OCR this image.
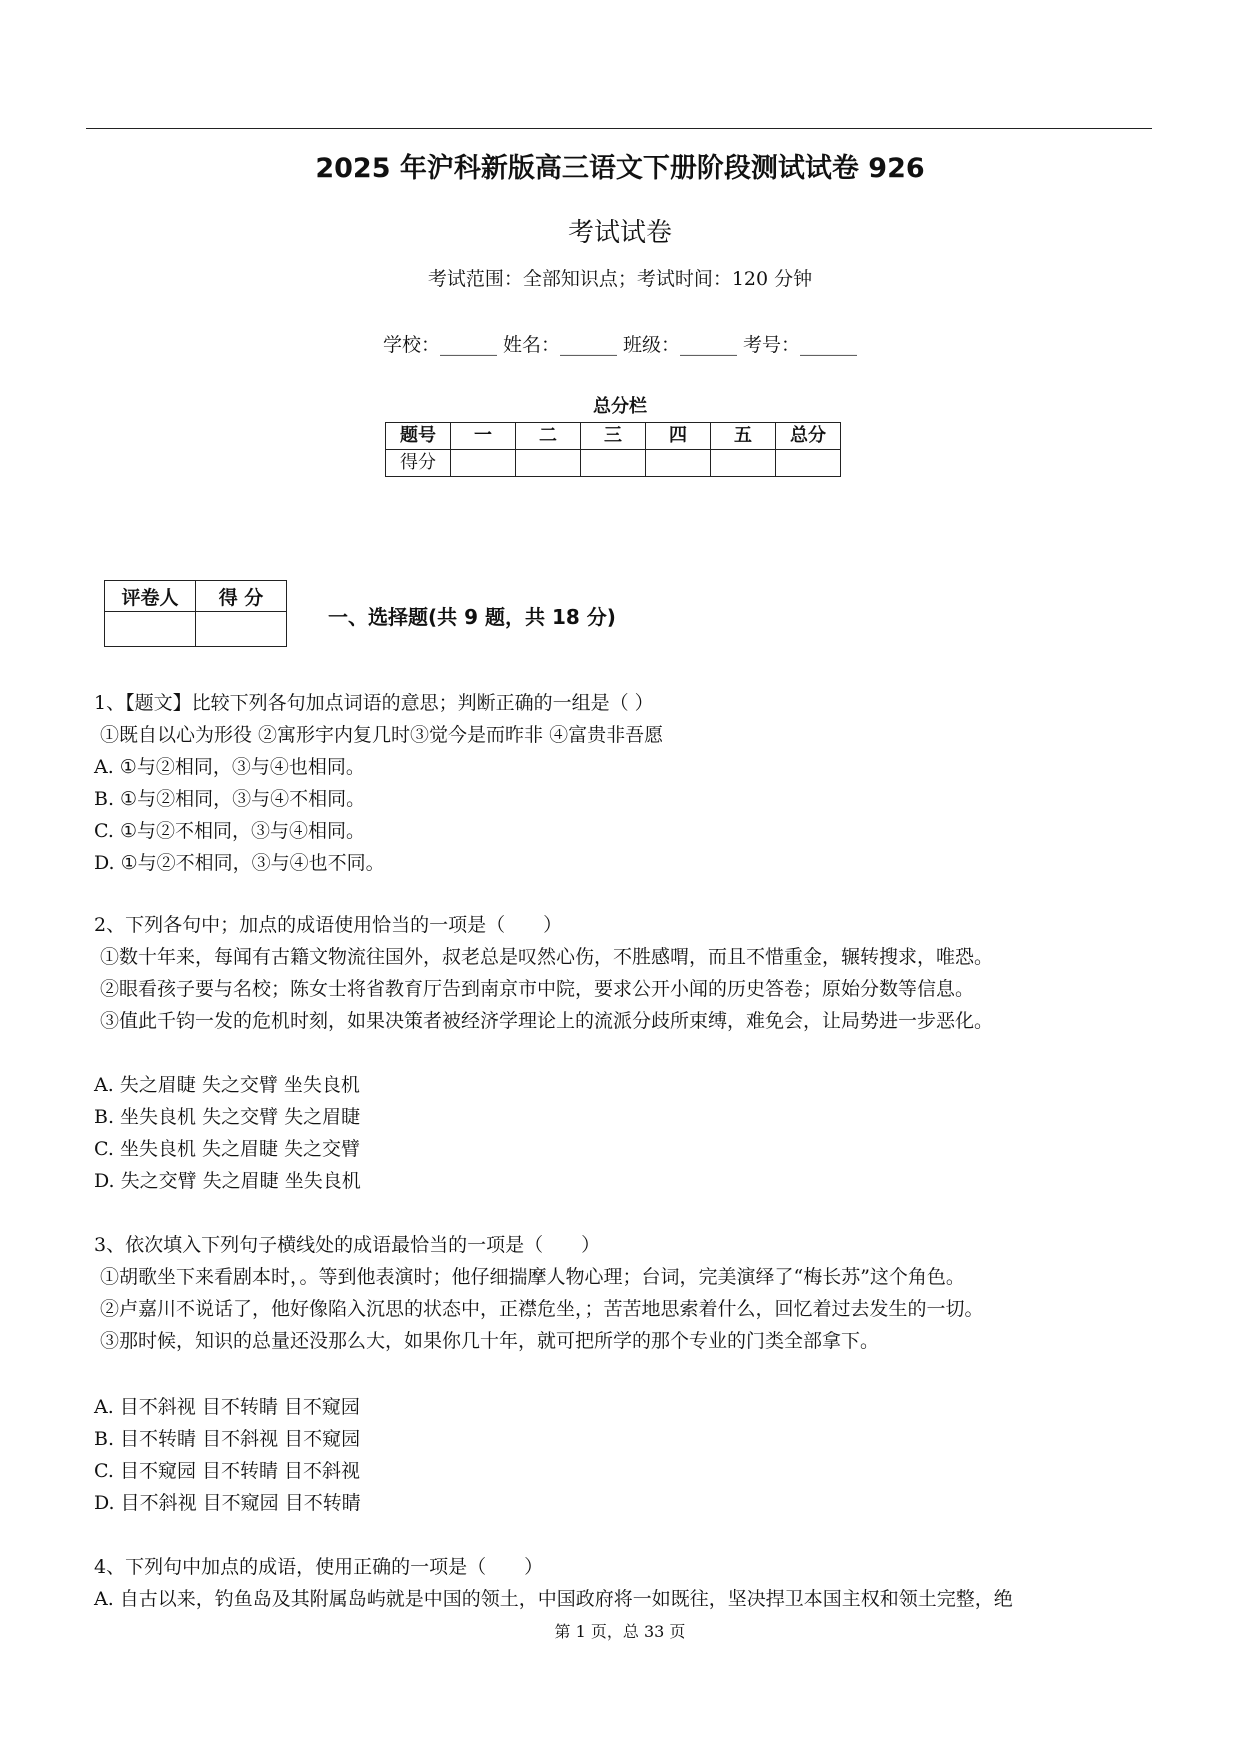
2025 年沪科新版高三语文下册阶段测试试卷 926
考试试卷
考试范围：全部知识点；考试时间：120 分钟
学校：______ 姓名：______ 班级：______ 考号：______
总分栏
题号	一	二	三	四	五	总分
得分						
评卷人	得 分

一、选择题(共 9 题，共 18 分)
1、【题文】比较下列各句加点词语的意思；判断正确的一组是（ ）
①既自以心为形役 ②寓形宇内复几时③觉今是而昨非 ④富贵非吾愿
A. ①与②相同，③与④也相同。
B. ①与②相同，③与④不相同。
C. ①与②不相同，③与④相同。
D. ①与②不相同，③与④也不同。
2、下列各句中；加点的成语使用恰当的一项是（　　）
①数十年来，每闻有古籍文物流往国外，叔老总是叹然心伤，不胜感喟，而且不惜重金，辗转搜求，唯恐。
②眼看孩子要与名校；陈女士将省教育厅告到南京市中院，要求公开小闻的历史答卷；原始分数等信息。
③值此千钧一发的危机时刻，如果决策者被经济学理论上的流派分歧所束缚，难免会，让局势进一步恶化。
A. 失之眉睫 失之交臂 坐失良机
B. 坐失良机 失之交臂 失之眉睫
C. 坐失良机 失之眉睫 失之交臂
D. 失之交臂 失之眉睫 坐失良机
3、依次填入下列句子横线处的成语最恰当的一项是（　　）
①胡歌坐下来看剧本时，。等到他表演时；他仔细揣摩人物心理；台词，完美演绎了“梅长苏”这个角色。
②卢嘉川不说话了，他好像陷入沉思的状态中，正襟危坐，；苦苦地思索着什么，回忆着过去发生的一切。
③那时候，知识的总量还没那么大，如果你几十年，就可把所学的那个专业的门类全部拿下。
A. 目不斜视 目不转睛 目不窥园
B. 目不转睛 目不斜视 目不窥园
C. 目不窥园 目不转睛 目不斜视
D. 目不斜视 目不窥园 目不转睛
4、下列句中加点的成语，使用正确的一项是（　　）
A. 自古以来，钓鱼岛及其附属岛屿就是中国的领土，中国政府将一如既往，坚决捍卫本国主权和领土完整，绝
第 1 页，总 33 页
